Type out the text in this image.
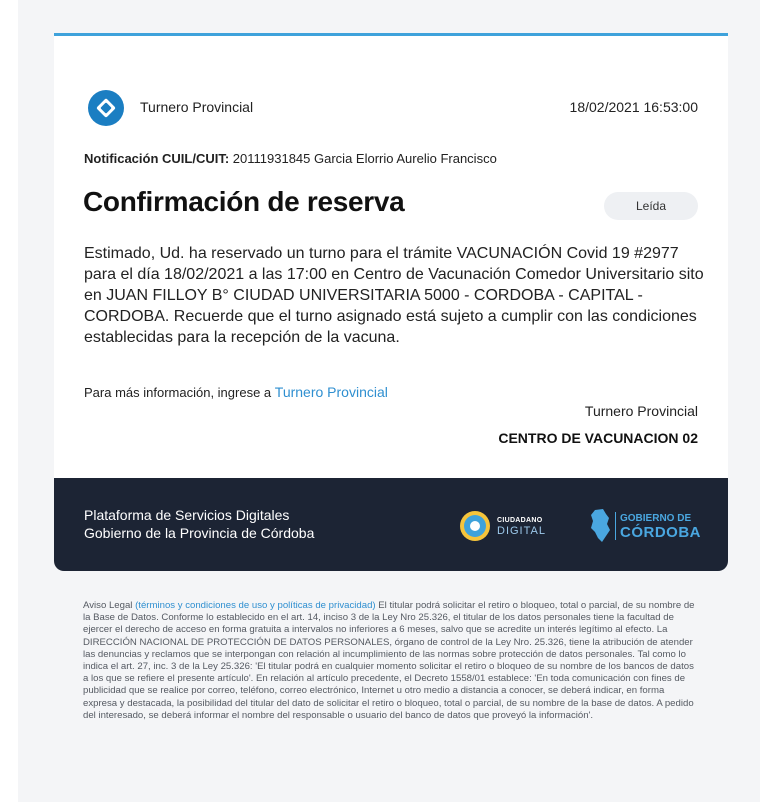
Turnero Provincial	18/02/2021 16:53:00
Notificación CUIL/CUIT: 20111931845 Garcia Elorrio Aurelio Francisco
Confirmación de reserva	Leída
Estimado, Ud. ha reservado un turno para el trámite VACUNACIÓN Covid 19 #2977 para el día 18/02/2021 a las 17:00 en Centro de Vacunación Comedor Universitario sito en JUAN FILLOY B° CIUDAD UNIVERSITARIA 5000 - CORDOBA - CAPITAL - CORDOBA. Recuerde que el turno asignado está sujeto a cumplir con las condiciones establecidas para la recepción de la vacuna.
Para más información, ingrese a Turnero Provincial
Turnero Provincial
CENTRO DE VACUNACION 02
Plataforma de Servicios Digitales
Gobierno de la Provincia de Córdoba
CIUDADANO
DIGITAL
GOBIERNO DE
CÓRDOBA
Aviso Legal (términos y condiciones de uso y políticas de privacidad) El titular podrá solicitar el retiro o bloqueo, total o parcial, de su nombre de la Base de Datos. Conforme lo establecido en el art. 14, inciso 3 de la Ley Nro 25.326, el titular de los datos personales tiene la facultad de ejercer el derecho de acceso en forma gratuita a intervalos no inferiores a 6 meses, salvo que se acredite un interés legítimo al efecto. La DIRECCIÓN NACIONAL DE PROTECCIÓN DE DATOS PERSONALES, órgano de control de la Ley Nro. 25.326, tiene la atribución de atender las denuncias y reclamos que se interpongan con relación al incumplimiento de las normas sobre protección de datos personales. Tal como lo indica el art. 27, inc. 3 de la Ley 25.326: 'El titular podrá en cualquier momento solicitar el retiro o bloqueo de su nombre de los bancos de datos a los que se refiere el presente artículo'. En relación al artículo precedente, el Decreto 1558/01 establece: 'En toda comunicación con fines de publicidad que se realice por correo, teléfono, correo electrónico, Internet u otro medio a distancia a conocer, se deberá indicar, en forma expresa y destacada, la posibilidad del titular del dato de solicitar el retiro o bloqueo, total o parcial, de su nombre de la base de datos. A pedido del interesado, se deberá informar el nombre del responsable o usuario del banco de datos que proveyó la información'.
